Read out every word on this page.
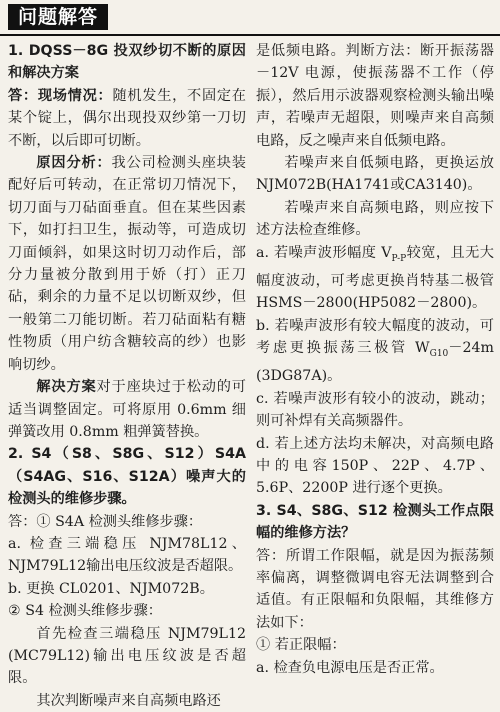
问题解答

1. DQSS－8G 投双纱切不断的原因和解决方案

答：现场情况：随机发生，不固定在某个锭上，偶尔出现投双纱第一刀切不断，以后即可切断。

原因分析：我公司检测头座块装配好后可转动，在正常切刀情况下，切刀面与刀砧面垂直。但在某些因素下，如打扫卫生，振动等，可造成切刀面倾斜，如果这时切刀动作后，部分力量被分散到用于娇（打）正刀砧，剩余的力量不足以切断双纱，但一般第二刀能切断。若刀砧面粘有糖性物质（用户纺含糖较高的纱）也影响切纱。

解决方案对于座块过于松动的可适当调整固定。可将原用 0.6mm 细弹簧改用 0.8mm 粗弹簧替换。

2. S4（S8、S8G、S12）S4A（S4AG、S16、S12A）噪声大的检测头的维修步骤。

答：① S4A 检测头维修步骤：

a. 检查三端稳压 NJM78L12、NJM79L12输出电压纹波是否超限。

b. 更换 CL0201、NJM072B。

② S4 检测头维修步骤：

首先检查三端稳压 NJM79L12 (MC79L12)输出电压纹波是否超限。

其次判断噪声来自高频电路还

是低频电路。判断方法：断开振荡器－12V 电源，使振荡器不工作（停振），然后用示波器观察检测头输出噪声，若噪声无超限，则噪声来自高频电路，反之噪声来自低频电路。

若噪声来自低频电路，更换运放NJM072B(HA1741或CA3140)。

若噪声来自高频电路，则应按下述方法检查维修。

a. 若噪声波形幅度 $V_{P-P}$较宽，且无大幅度波动，可考虑更换肖特基二极管 HSMS－2800(HP5082－2800)。

b. 若噪声波形有较大幅度的波动，可考虑更换振荡三极管 $W_{G10}-24m$ (3DG87A)。

c. 若噪声波形有较小的波动，跳动；则可补焊有关高频器件。

d. 若上述方法均未解决，对高频电路中的电容150P、22P、4.7P、5.6P、2200P 进行逐个更换。

3. S4、S8G、S12 检测头工作点限幅的维修方法？

答：所谓工作限幅，就是因为振荡频率偏离，调整微调电容无法调整到合适值。有正限幅和负限幅，其维修方法如下：

① 若正限幅：

a. 检查负电源电压是否正常。
